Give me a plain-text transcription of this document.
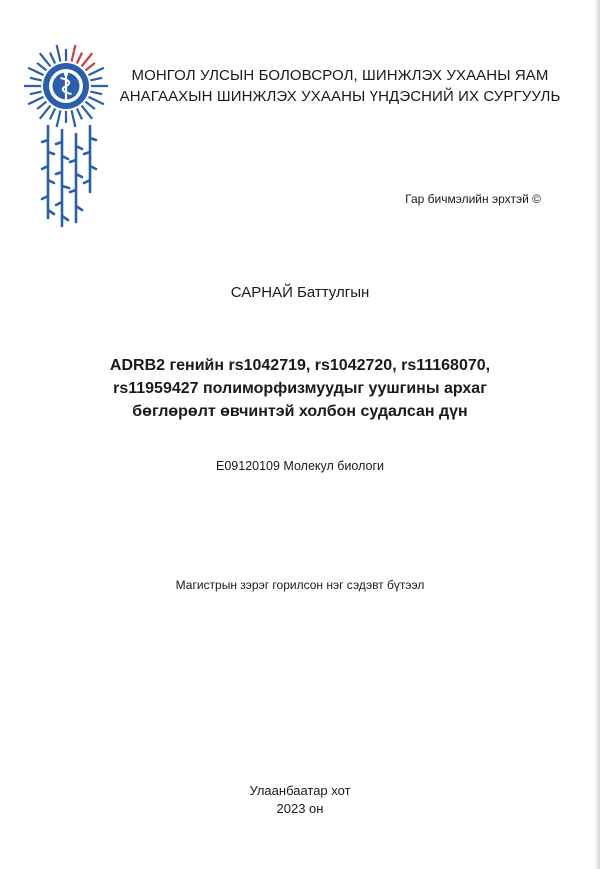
МОНГОЛ УЛСЫН БОЛОВСРОЛ, ШИНЖЛЭХ УХААНЫ ЯАМ
АНАГААХЫН ШИНЖЛЭХ УХААНЫ ҮНДЭСНИЙ ИХ СУРГУУЛЬ
Гар бичмэлийн эрхтэй ©
САРНАЙ Баттулгын
ADRB2 генийн rs1042719, rs1042720, rs11168070,
rs11959427 полиморфизмуудыг уушгины архаг
бөглөрөлт өвчинтэй холбон судалсан дүн
E09120109 Молекул биологи
Магистрын зэрэг горилсон нэг сэдэвт бүтээл
Улаанбаатар хот
2023 он
